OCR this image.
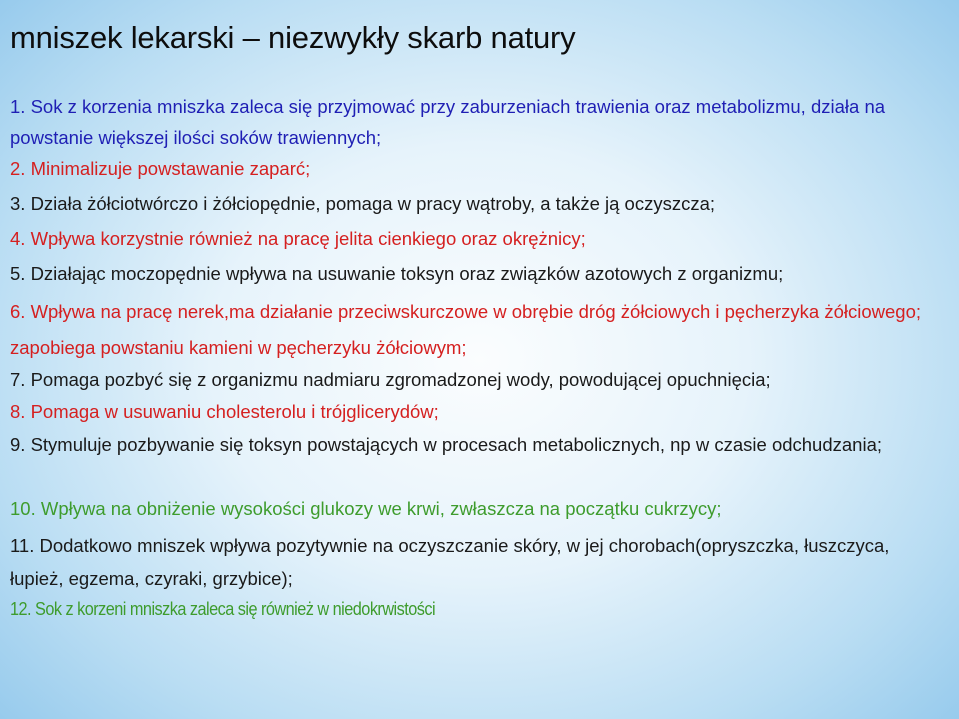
mniszek lekarski – niezwykły skarb natury

1. Sok z korzenia mniszka zaleca się przyjmować przy zaburzeniach trawienia oraz metabolizmu, działa na powstanie większej ilości soków trawiennych;

2. Minimalizuje powstawanie zaparć;

3. Działa żółciotwórczo i żółciopędnie, pomaga w pracy wątroby, a także ją oczyszcza;

4. Wpływa korzystnie również na pracę jelita cienkiego oraz okrężnicy;

5. Działając moczopędnie wpływa na usuwanie toksyn oraz związków azotowych z organizmu;

6. Wpływa na pracę nerek,ma działanie przeciwskurczowe w obrębie dróg żółciowych i pęcherzyka żółciowego; zapobiega powstaniu kamieni w pęcherzyku żółciowym;

7. Pomaga pozbyć się z organizmu nadmiaru zgromadzonej wody, powodującej opuchnięcia;

8. Pomaga w usuwaniu cholesterolu i trójglicerydów;

9. Stymuluje pozbywanie się toksyn powstających w procesach metabolicznych, np w czasie odchudzania;

10. Wpływa na obniżenie wysokości glukozy we krwi, zwłaszcza na początku cukrzycy;

11. Dodatkowo mniszek wpływa pozytywnie na oczyszczanie skóry, w jej chorobach(opryszczka, łuszczyca, łupież, egzema, czyraki, grzybice);

12. Sok z korzeni mniszka zaleca się również w niedokrwistości
